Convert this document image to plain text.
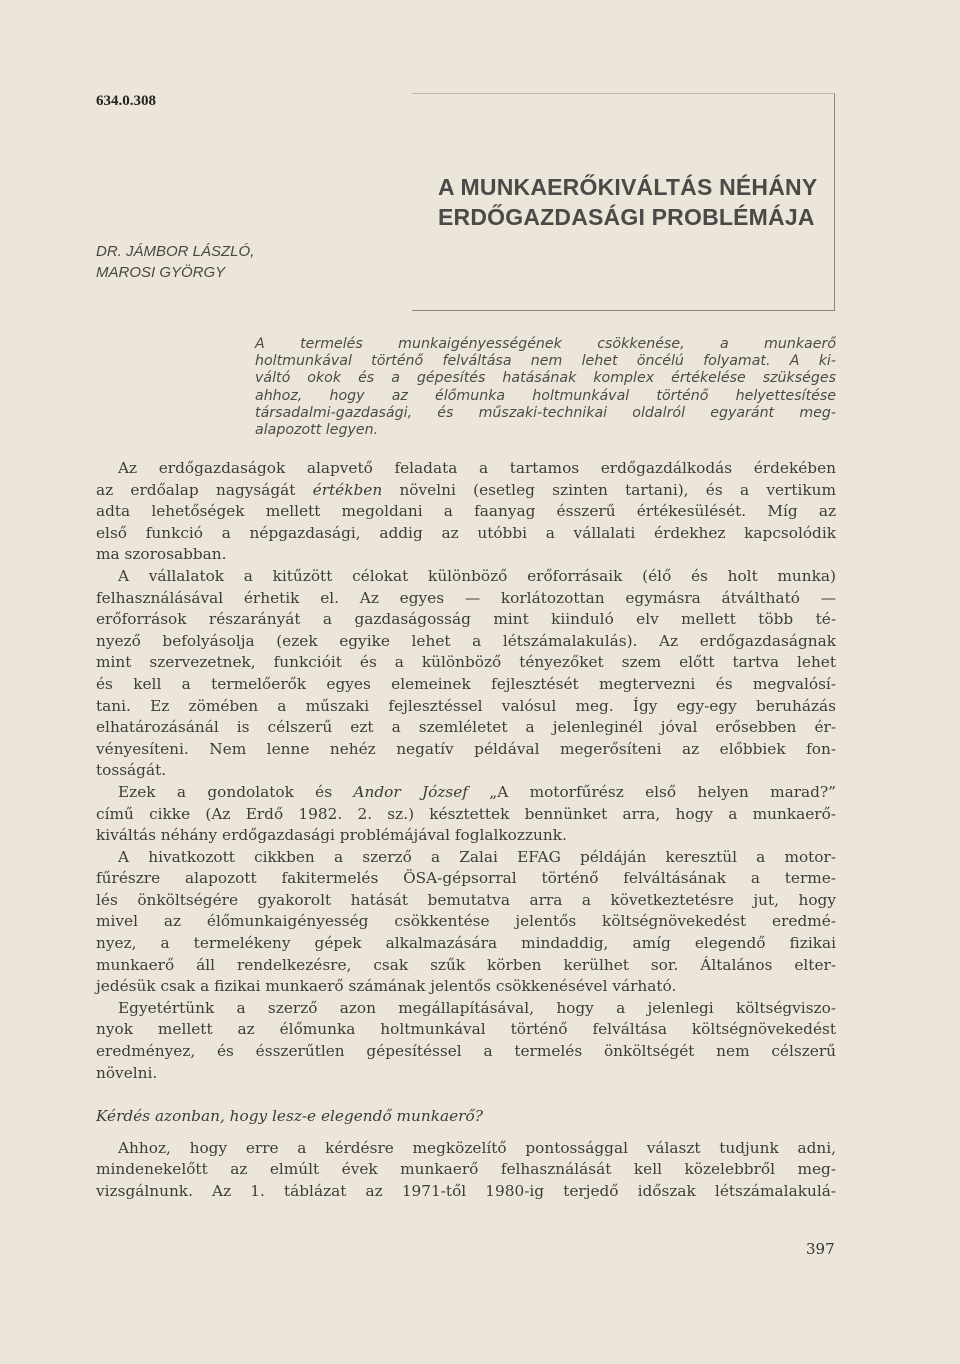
634.0.308
A MUNKAERŐKIVÁLTÁS NÉHÁNY
ERDŐGAZDASÁGI PROBLÉMÁJA
DR. JÁMBOR LÁSZLÓ,
MAROSI GYÖRGY
A termelés munkaigényességének csökkenése, a munkaerő
holtmunkával történő felváltása nem lehet öncélú folyamat. A ki-
váltó okok és a gépesítés hatásának komplex értékelése szükséges
ahhoz, hogy az élőmunka holtmunkával történő helyettesítése
társadalmi-gazdasági, és műszaki-technikai oldalról egyaránt meg-
alapozott legyen.
Az erdőgazdaságok alapvető feladata a tartamos erdőgazdálkodás érdekében
az erdőalap nagyságát értékben növelni (esetleg szinten tartani), és a vertikum
adta lehetőségek mellett megoldani a faanyag ésszerű értékesülését. Míg az
első funkció a népgazdasági, addig az utóbbi a vállalati érdekhez kapcsolódik
ma szorosabban.
A vállalatok a kitűzött célokat különböző erőforrásaik (élő és holt munka)
felhasználásával érhetik el. Az egyes — korlátozottan egymásra átváltható —
erőforrások részarányát a gazdaságosság mint kiinduló elv mellett több té-
nyező befolyásolja (ezek egyike lehet a létszámalakulás). Az erdőgazdaságnak
mint szervezetnek, funkcióit és a különböző tényezőket szem előtt tartva lehet
és kell a termelőerők egyes elemeinek fejlesztését megtervezni és megvalósí-
tani. Ez zömében a műszaki fejlesztéssel valósul meg. Így egy-egy beruházás
elhatározásánál is célszerű ezt a szemléletet a jelenleginél jóval erősebben ér-
vényesíteni. Nem lenne nehéz negatív példával megerősíteni az előbbiek fon-
tosságát.
Ezek a gondolatok és Andor József „A motorfűrész első helyen marad?”
című cikke (Az Erdő 1982. 2. sz.) késztettek bennünket arra, hogy a munkaerő-
kiváltás néhány erdőgazdasági problémájával foglalkozzunk.
A hivatkozott cikkben a szerző a Zalai EFAG példáján keresztül a motor-
fűrészre alapozott fakitermelés ÖSA-gépsorral történő felváltásának a terme-
lés önköltségére gyakorolt hatását bemutatva arra a következtetésre jut, hogy
mivel az élőmunkaigényesség csökkentése jelentős költségnövekedést eredmé-
nyez, a termelékeny gépek alkalmazására mindaddig, amíg elegendő fizikai
munkaerő áll rendelkezésre, csak szűk körben kerülhet sor. Általános elter-
jedésük csak a fizikai munkaerő számának jelentős csökkenésével várható.
Egyetértünk a szerző azon megállapításával, hogy a jelenlegi költségviszo-
nyok mellett az élőmunka holtmunkával történő felváltása költségnövekedést
eredményez, és ésszerűtlen gépesítéssel a termelés önköltségét nem célszerű
növelni.
Kérdés azonban, hogy lesz-e elegendő munkaerő?
Ahhoz, hogy erre a kérdésre megközelítő pontossággal választ tudjunk adni,
mindenekelőtt az elmúlt évek munkaerő felhasználását kell közelebbről meg-
vizsgálnunk. Az 1. táblázat az 1971-től 1980-ig terjedő időszak létszámalakulá-
397
